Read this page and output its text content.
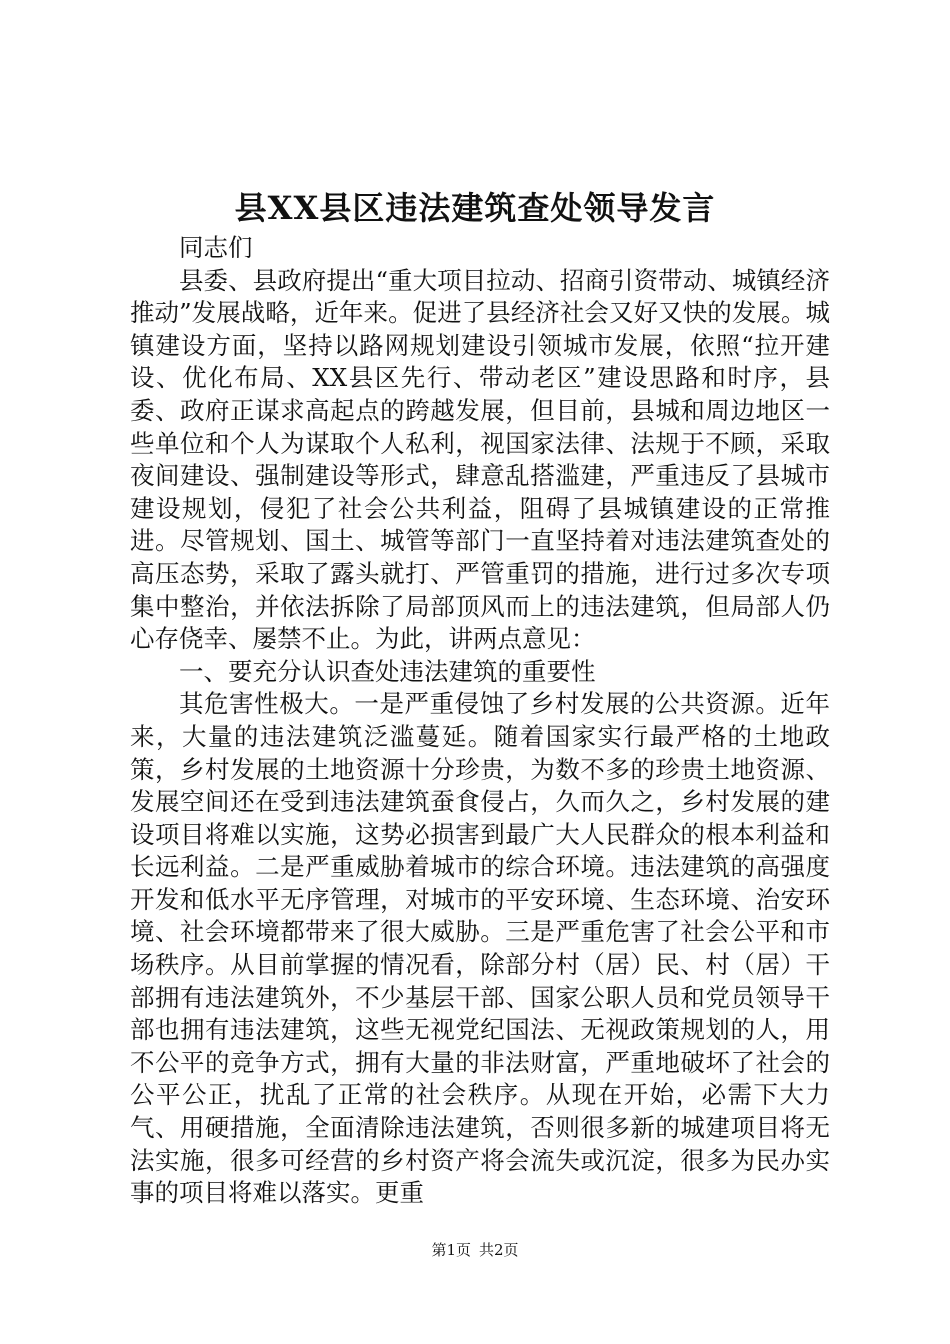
县XX县区违法建筑查处领导发言

同志们

县委、县政府提出“重大项目拉动、招商引资带动、城镇经济推动”发展战略，近年来。促进了县经济社会又好又快的发展。城镇建设方面，坚持以路网规划建设引领城市发展，依照“拉开建设、优化布局、XX县区先行、带动老区”建设思路和时序，县委、政府正谋求高起点的跨越发展，但目前，县城和周边地区一些单位和个人为谋取个人私利，视国家法律、法规于不顾，采取夜间建设、强制建设等形式，肆意乱搭滥建，严重违反了县城市建设规划，侵犯了社会公共利益，阻碍了县城镇建设的正常推进。尽管规划、国土、城管等部门一直坚持着对违法建筑查处的高压态势，采取了露头就打、严管重罚的措施，进行过多次专项集中整治，并依法拆除了局部顶风而上的违法建筑，但局部人仍心存侥幸、屡禁不止。为此，讲两点意见：

一、要充分认识查处违法建筑的重要性

其危害性极大。一是严重侵蚀了乡村发展的公共资源。近年来，大量的违法建筑泛滥蔓延。随着国家实行最严格的土地政策，乡村发展的土地资源十分珍贵，为数不多的珍贵土地资源、发展空间还在受到违法建筑蚕食侵占，久而久之，乡村发展的建设项目将难以实施，这势必损害到最广大人民群众的根本利益和长远利益。二是严重威胁着城市的综合环境。违法建筑的高强度开发和低水平无序管理，对城市的平安环境、生态环境、治安环境、社会环境都带来了很大威胁。三是严重危害了社会公平和市场秩序。从目前掌握的情况看，除部分村（居）民、村（居）干部拥有违法建筑外，不少基层干部、国家公职人员和党员领导干部也拥有违法建筑，这些无视党纪国法、无视政策规划的人，用不公平的竞争方式，拥有大量的非法财富，严重地破坏了社会的公平公正，扰乱了正常的社会秩序。从现在开始，必需下大力气、用硬措施，全面清除违法建筑，否则很多新的城建项目将无法实施，很多可经营的乡村资产将会流失或沉淀，很多为民办实事的项目将难以落实。更重

第1页 共2页
